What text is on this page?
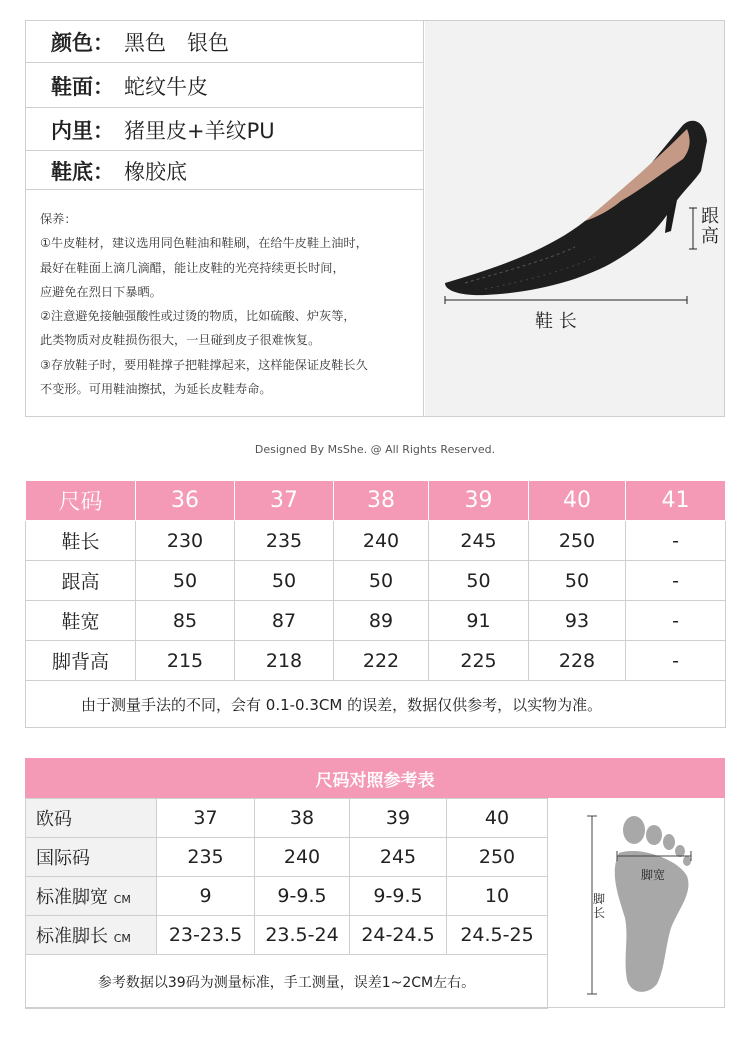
颜色： 黑色　银色
鞋面： 蛇纹牛皮
内里： 猪里皮+羊纹PU
鞋底： 橡胶底
保养：
①牛皮鞋材，建议选用同色鞋油和鞋刷，在给牛皮鞋上油时，
最好在鞋面上滴几滴醋，能让皮鞋的光亮持续更长时间，
应避免在烈日下暴晒。
②注意避免接触强酸性或过烫的物质，比如硫酸、炉灰等，
此类物质对皮鞋损伤很大，一旦碰到皮子很难恢复。
③存放鞋子时，要用鞋撑子把鞋撑起来，这样能保证皮鞋长久
不变形。可用鞋油擦拭，为延长皮鞋寿命。
跟
高
鞋 长
Designed By MsShe. @ All Rights Reserved.
尺码	36	37	38	39	40	41
鞋长	230	235	240	245	250	-
跟高	50	50	50	50	50	-
鞋宽	85	87	89	91	93	-
脚背高	215	218	222	225	228	-
由于测量手法的不同，会有 0.1-0.3CM 的误差，数据仅供参考，以实物为准。						
尺码对照参考表
欧码	37	38	39	40
国际码	235	240	245	250
标准脚宽 CM	9	9-9.5	9-9.5	10
标准脚长 CM	23-23.5	23.5-24	24-24.5	24.5-25
参考数据以39码为测量标准，手工测量，误差1~2CM左右。				
脚宽
脚
长
